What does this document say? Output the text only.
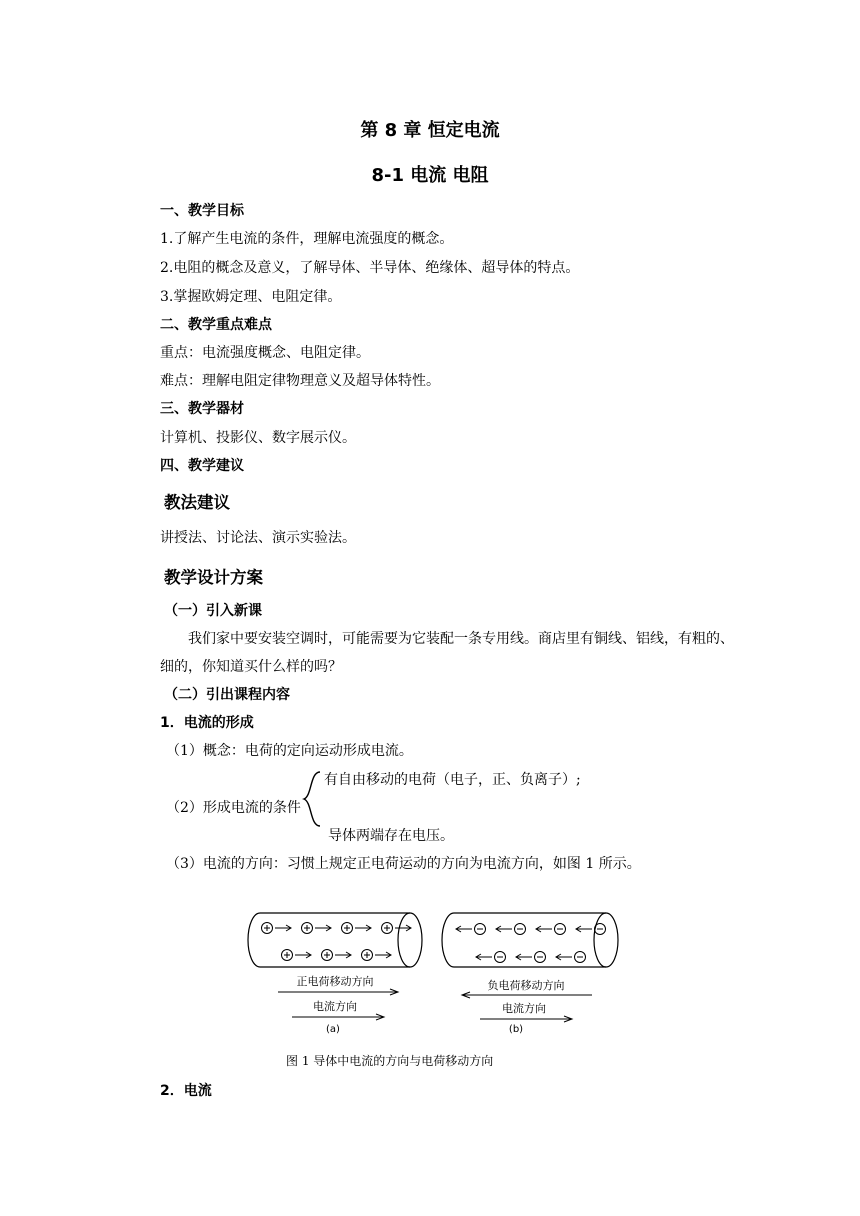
第 8 章 恒定电流
8-1 电流 电阻
一、教学目标
1.了解产生电流的条件，理解电流强度的概念。
2.电阻的概念及意义，了解导体、半导体、绝缘体、超导体的特点。
3.掌握欧姆定理、电阻定律。
二、教学重点难点
重点：电流强度概念、电阻定律。
难点：理解电阻定律物理意义及超导体特性。
三、教学器材
计算机、投影仪、数字展示仪。
四、教学建议
教法建议
讲授法、讨论法、演示实验法。
教学设计方案
（一）引入新课
我们家中要安装空调时，可能需要为它装配一条专用线。商店里有铜线、铝线，有粗的、
细的，你知道买什么样的吗？
（二）引出课程内容
1．电流的形成
（1）概念：电荷的定向运动形成电流。
有自由移动的电荷（电子，正、负离子）;
（2）形成电流的条件
导体两端存在电压。
（3）电流的方向：习惯上规定正电荷运动的方向为电流方向，如图 1 所示。
正电荷移动方向
电流方向
(a)
负电荷移动方向
电流方向
(b)
图 1 导体中电流的方向与电荷移动方向
2．电流
